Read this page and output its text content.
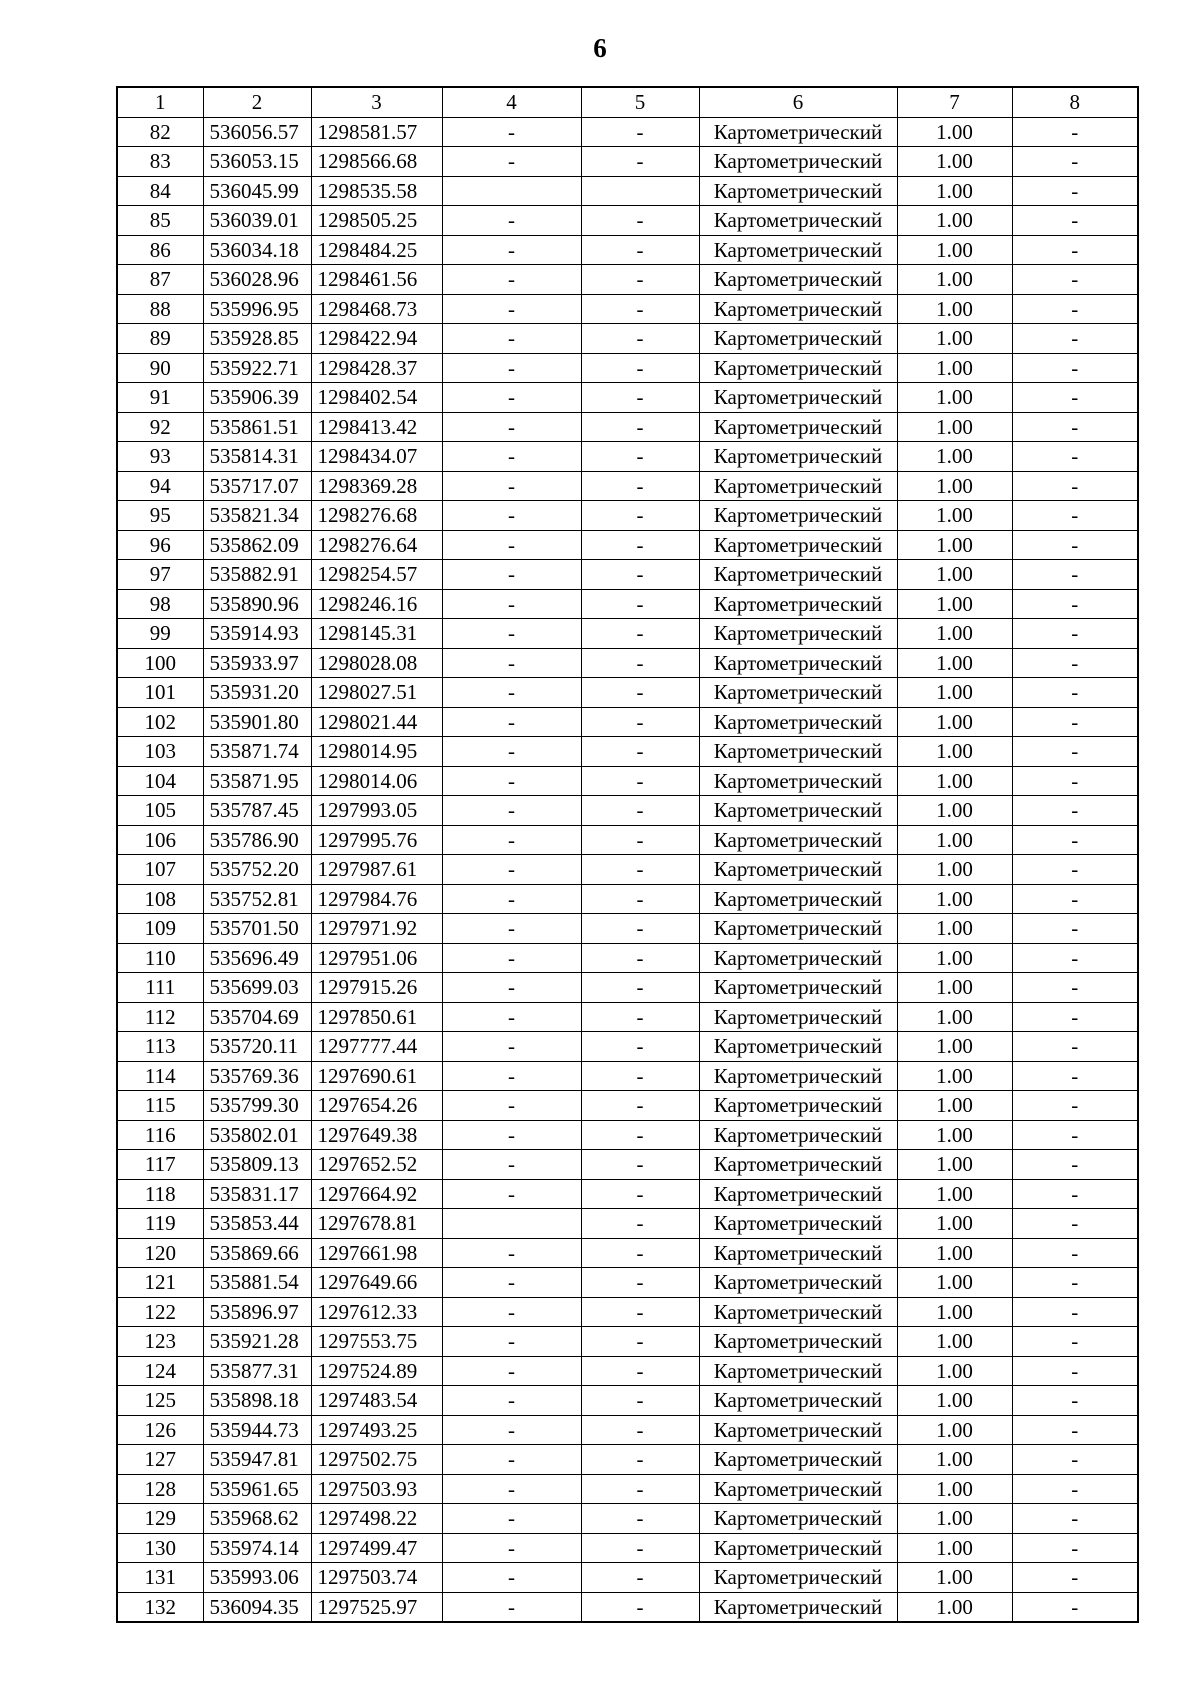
6
1	2	3	4	5	6	7	8
82	536056.57	1298581.57	-	-	Картометрический	1.00	-
83	536053.15	1298566.68	-	-	Картометрический	1.00	-
84	536045.99	1298535.58			Картометрический	1.00	-
85	536039.01	1298505.25	-	-	Картометрический	1.00	-
86	536034.18	1298484.25	-	-	Картометрический	1.00	-
87	536028.96	1298461.56	-	-	Картометрический	1.00	-
88	535996.95	1298468.73	-	-	Картометрический	1.00	-
89	535928.85	1298422.94	-	-	Картометрический	1.00	-
90	535922.71	1298428.37	-	-	Картометрический	1.00	-
91	535906.39	1298402.54	-	-	Картометрический	1.00	-
92	535861.51	1298413.42	-	-	Картометрический	1.00	-
93	535814.31	1298434.07	-	-	Картометрический	1.00	-
94	535717.07	1298369.28	-	-	Картометрический	1.00	-
95	535821.34	1298276.68	-	-	Картометрический	1.00	-
96	535862.09	1298276.64	-	-	Картометрический	1.00	-
97	535882.91	1298254.57	-	-	Картометрический	1.00	-
98	535890.96	1298246.16	-	-	Картометрический	1.00	-
99	535914.93	1298145.31	-	-	Картометрический	1.00	-
100	535933.97	1298028.08	-	-	Картометрический	1.00	-
101	535931.20	1298027.51	-	-	Картометрический	1.00	-
102	535901.80	1298021.44	-	-	Картометрический	1.00	-
103	535871.74	1298014.95	-	-	Картометрический	1.00	-
104	535871.95	1298014.06	-	-	Картометрический	1.00	-
105	535787.45	1297993.05	-	-	Картометрический	1.00	-
106	535786.90	1297995.76	-	-	Картометрический	1.00	-
107	535752.20	1297987.61	-	-	Картометрический	1.00	-
108	535752.81	1297984.76	-	-	Картометрический	1.00	-
109	535701.50	1297971.92	-	-	Картометрический	1.00	-
110	535696.49	1297951.06	-	-	Картометрический	1.00	-
111	535699.03	1297915.26	-	-	Картометрический	1.00	-
112	535704.69	1297850.61	-	-	Картометрический	1.00	-
113	535720.11	1297777.44	-	-	Картометрический	1.00	-
114	535769.36	1297690.61	-	-	Картометрический	1.00	-
115	535799.30	1297654.26	-	-	Картометрический	1.00	-
116	535802.01	1297649.38	-	-	Картометрический	1.00	-
117	535809.13	1297652.52	-	-	Картометрический	1.00	-
118	535831.17	1297664.92	-	-	Картометрический	1.00	-
119	535853.44	1297678.81		-	Картометрический	1.00	-
120	535869.66	1297661.98	-	-	Картометрический	1.00	-
121	535881.54	1297649.66	-	-	Картометрический	1.00	-
122	535896.97	1297612.33	-	-	Картометрический	1.00	-
123	535921.28	1297553.75	-	-	Картометрический	1.00	-
124	535877.31	1297524.89	-	-	Картометрический	1.00	-
125	535898.18	1297483.54	-	-	Картометрический	1.00	-
126	535944.73	1297493.25	-	-	Картометрический	1.00	-
127	535947.81	1297502.75	-	-	Картометрический	1.00	-
128	535961.65	1297503.93	-	-	Картометрический	1.00	-
129	535968.62	1297498.22	-	-	Картометрический	1.00	-
130	535974.14	1297499.47	-	-	Картометрический	1.00	-
131	535993.06	1297503.74	-	-	Картометрический	1.00	-
132	536094.35	1297525.97	-	-	Картометрический	1.00	-
